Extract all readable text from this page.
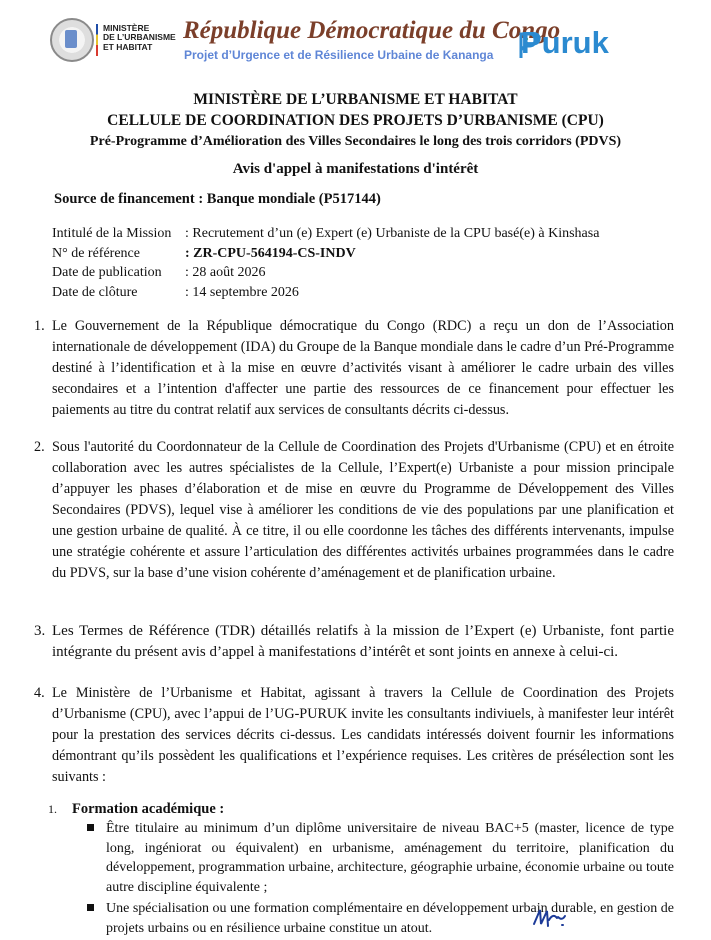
MINISTÈRE
DE L’URBANISME
ET HABITAT
République Démocratique du Congo
Projet d’Urgence et de Résilience Urbaine de Kananga Puruk
MINISTÈRE DE L’URBANISME ET HABITAT
CELLULE DE COORDINATION DES PROJETS D’URBANISME (CPU)
Pré-Programme d’Amélioration des Villes Secondaires le long des trois corridors (PDVS)
Avis d'appel à manifestations d'intérêt
Source de financement : Banque mondiale (P517144)
Intitulé de la Mission : Recrutement d’un (e) Expert (e) Urbaniste de la CPU basé(e) à Kinshasa
N° de référence	: ZR-CPU-564194-CS-INDV
Date de publication	: 28 août 2026
Date de clôture	: 14 septembre 2026
1. Le Gouvernement de la République démocratique du Congo (RDC) a reçu un don de l’Association internationale de développement (IDA) du Groupe de la Banque mondiale dans le cadre d’un Pré-Programme destiné à l’identification et à la mise en œuvre d’activités visant à améliorer le cadre urbain des villes secondaires et a l’intention d'affecter une partie des ressources de ce financement pour effectuer les paiements au titre du contrat relatif aux services de consultants décrits ci-dessus.
2. Sous l'autorité du Coordonnateur de la Cellule de Coordination des Projets d'Urbanisme (CPU) et en étroite collaboration avec les autres spécialistes de la Cellule, l’Expert(e) Urbaniste a pour mission principale d’appuyer les phases d’élaboration et de mise en œuvre du Programme de Développement des Villes Secondaires (PDVS), lequel vise à améliorer les conditions de vie des populations par une planification et une gestion urbaine de qualité. À ce titre, il ou elle coordonne les tâches des différents intervenants, impulse une stratégie cohérente et assure l’articulation des différentes activités urbaines programmées dans le cadre du PDVS, sur la base d’une vision cohérente d’aménagement et de planification urbaine.
3. Les Termes de Référence (TDR) détaillés relatifs à la mission de l’Expert (e) Urbaniste, font partie intégrante du présent avis d’appel à manifestations d’intérêt et sont joints en annexe à celui-ci.
4. Le Ministère de l’Urbanisme et Habitat, agissant à travers la Cellule de Coordination des Projets d’Urbanisme (CPU), avec l’appui de l’UG-PURUK invite les consultants indiviuels, à manifester leur intérêt pour la prestation des services décrits ci-dessus. Les candidats intéressés doivent fournir les informations démontrant qu’ils possèdent les qualifications et l’expérience requises. Les critères de présélection sont les suivants :
1. Formation académique :
Être titulaire au minimum d’un diplôme universitaire de niveau BAC+5 (master, licence de type long, ingéniorat ou équivalent) en urbanisme, aménagement du territoire, planification du développement, programmation urbaine, architecture, géographie urbaine, économie urbaine ou toute autre discipline équivalente ;
Une spécialisation ou une formation complémentaire en développement urbain durable, en gestion de projets urbains ou en résilience urbaine constitue un atout.
